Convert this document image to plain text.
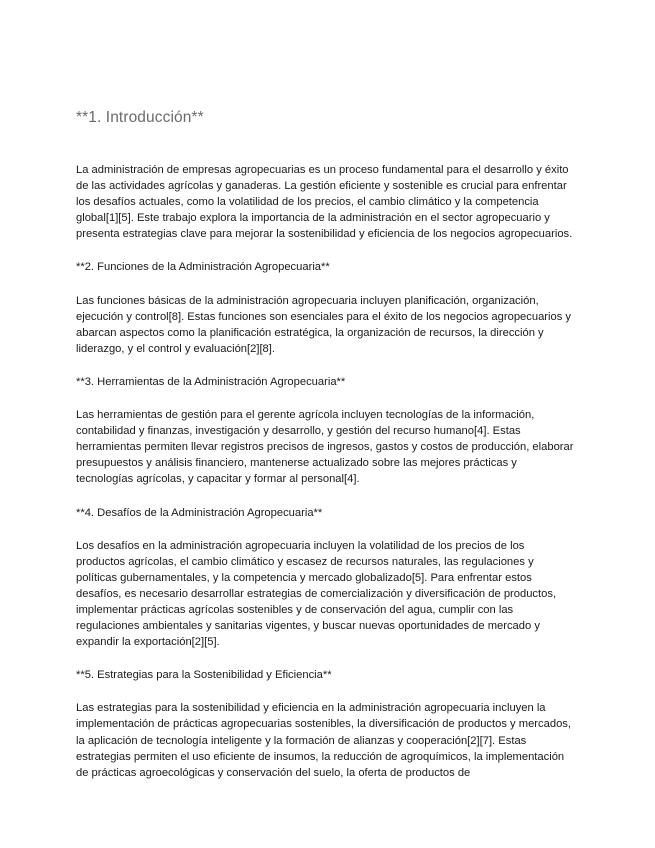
**1. Introducción**

La administración de empresas agropecuarias es un proceso fundamental para el desarrollo y éxito de las actividades agrícolas y ganaderas. La gestión eficiente y sostenible es crucial para enfrentar los desafíos actuales, como la volatilidad de los precios, el cambio climático y la competencia global[1][5]. Este trabajo explora la importancia de la administración en el sector agropecuario y presenta estrategias clave para mejorar la sostenibilidad y eficiencia de los negocios agropecuarios.

**2. Funciones de la Administración Agropecuaria**

Las funciones básicas de la administración agropecuaria incluyen planificación, organización, ejecución y control[8]. Estas funciones son esenciales para el éxito de los negocios agropecuarios y abarcan aspectos como la planificación estratégica, la organización de recursos, la dirección y liderazgo, y el control y evaluación[2][8].

**3. Herramientas de la Administración Agropecuaria**

Las herramientas de gestión para el gerente agrícola incluyen tecnologías de la información, contabilidad y finanzas, investigación y desarrollo, y gestión del recurso humano[4]. Estas herramientas permiten llevar registros precisos de ingresos, gastos y costos de producción, elaborar presupuestos y análisis financiero, mantenerse actualizado sobre las mejores prácticas y tecnologías agrícolas, y capacitar y formar al personal[4].

**4. Desafíos de la Administración Agropecuaria**

Los desafíos en la administración agropecuaria incluyen la volatilidad de los precios de los productos agrícolas, el cambio climático y escasez de recursos naturales, las regulaciones y políticas gubernamentales, y la competencia y mercado globalizado[5]. Para enfrentar estos desafíos, es necesario desarrollar estrategias de comercialización y diversificación de productos, implementar prácticas agrícolas sostenibles y de conservación del agua, cumplir con las regulaciones ambientales y sanitarias vigentes, y buscar nuevas oportunidades de mercado y expandir la exportación[2][5].

**5. Estrategias para la Sostenibilidad y Eficiencia**

Las estrategias para la sostenibilidad y eficiencia en la administración agropecuaria incluyen la implementación de prácticas agropecuarias sostenibles, la diversificación de productos y mercados, la aplicación de tecnología inteligente y la formación de alianzas y cooperación[2][7]. Estas estrategias permiten el uso eficiente de insumos, la reducción de agroquímicos, la implementación de prácticas agroecológicas y conservación del suelo, la oferta de productos de
